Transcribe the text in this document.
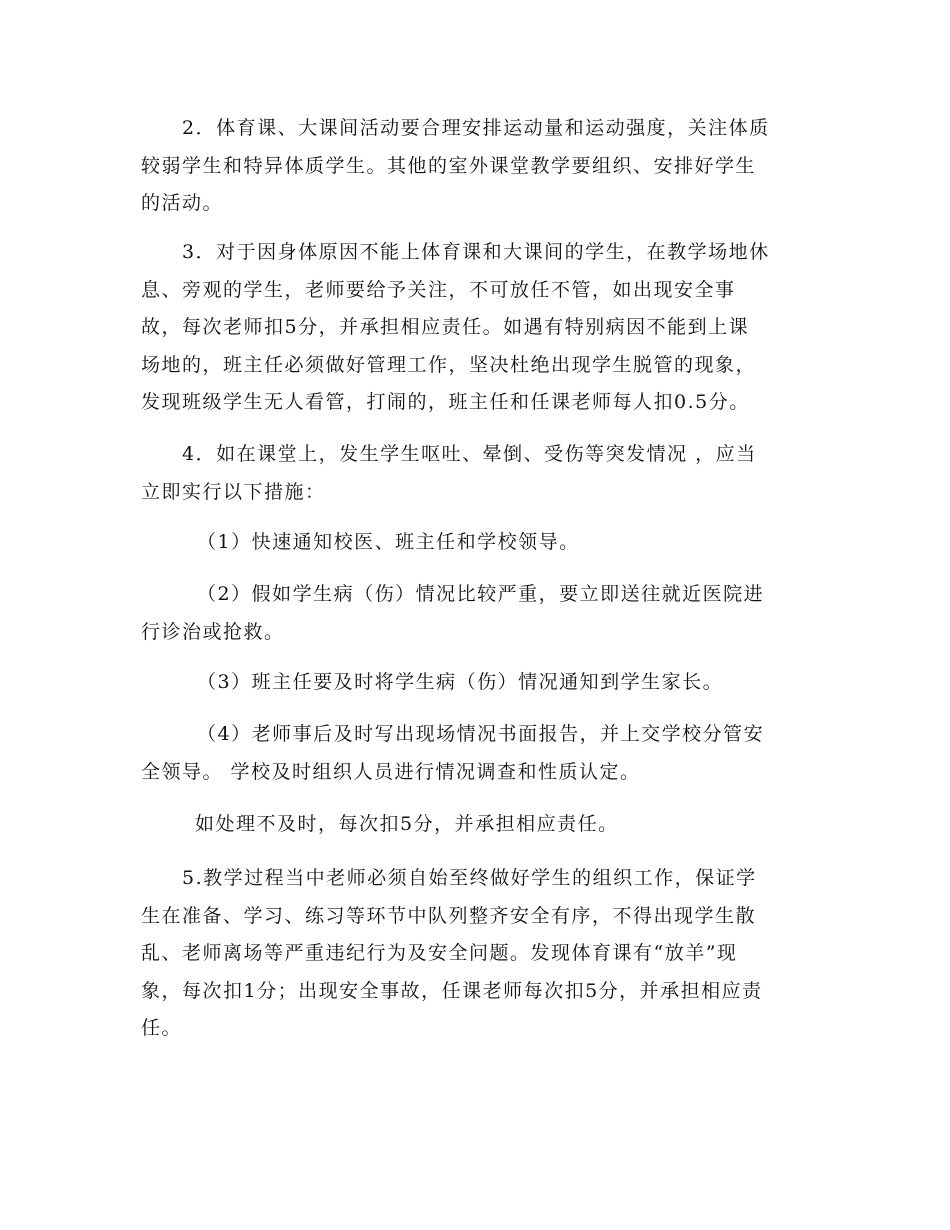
2．体育课、大课间活动要合理安排运动量和运动强度，关注体质
较弱学生和特异体质学生。其他的室外课堂教学要组织、安排好学生
的活动。

3．对于因身体原因不能上体育课和大课间的学生，在教学场地休
息、旁观的学生，老师要给予关注，不可放任不管，如出现安全事
故，每次老师扣5分，并承担相应责任。如遇有特别病因不能到上课
场地的，班主任必须做好管理工作，坚决杜绝出现学生脱管的现象，
发现班级学生无人看管，打闹的，班主任和任课老师每人扣0.5分。

4．如在课堂上，发生学生呕吐、晕倒、受伤等突发情况 ，应当
立即实行以下措施：

（1）快速通知校医、班主任和学校领导。

（2）假如学生病（伤）情况比较严重，要立即送往就近医院进
行诊治或抢救。

（3）班主任要及时将学生病（伤）情况通知到学生家长。

（4）老师事后及时写出现场情况书面报告，并上交学校分管安
全领导。 学校及时组织人员进行情况调查和性质认定。

如处理不及时，每次扣5分，并承担相应责任。

5.教学过程当中老师必须自始至终做好学生的组织工作，保证学
生在准备、学习、练习等环节中队列整齐安全有序，不得出现学生散
乱、老师离场等严重违纪行为及安全问题。发现体育课有“放羊”现
象，每次扣1分；出现安全事故，任课老师每次扣5分，并承担相应责
任。
